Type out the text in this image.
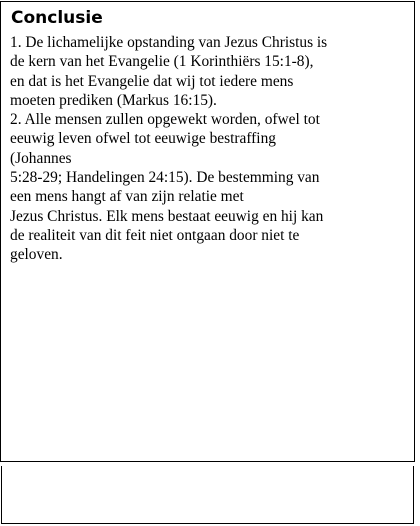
Conclusie

1. De lichamelijke opstanding van Jezus Christus is
de kern van het Evangelie (1 Korinthiërs 15:1-8),
en dat is het Evangelie dat wij tot iedere mens
moeten prediken (Markus 16:15).
2. Alle mensen zullen opgewekt worden, ofwel tot
eeuwig leven ofwel tot eeuwige bestraffing
(Johannes
5:28-29; Handelingen 24:15). De bestemming van
een mens hangt af van zijn relatie met
Jezus Christus. Elk mens bestaat eeuwig en hij kan
de realiteit van dit feit niet ontgaan door niet te
geloven.
